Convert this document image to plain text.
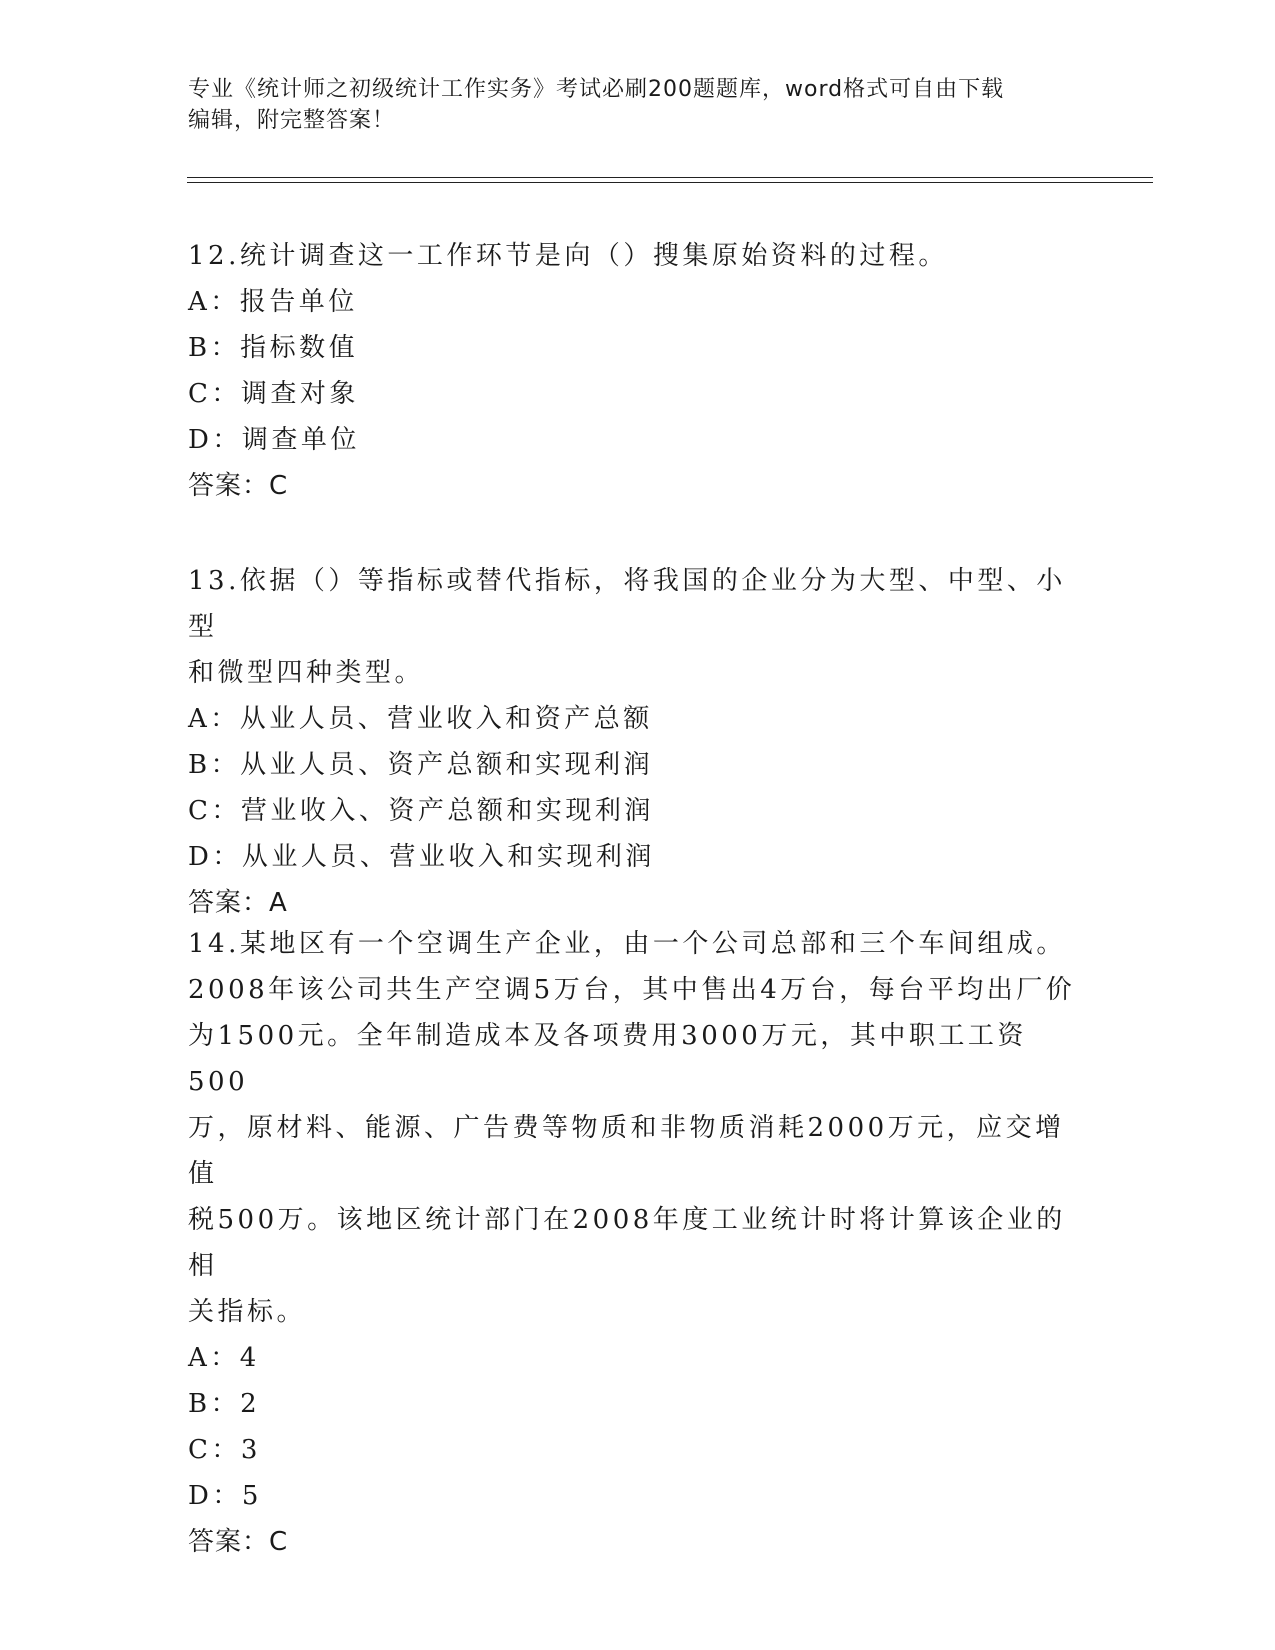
专业《统计师之初级统计工作实务》考试必刷200题题库，word格式可自由下载
编辑，附完整答案！

12.统计调查这一工作环节是向（）搜集原始资料的过程。

A：报告单位

B：指标数值

C：调查对象

D：调查单位

答案：C

13.依据（）等指标或替代指标，将我国的企业分为大型、中型、小型

和微型四种类型。

A：从业人员、营业收入和资产总额

B：从业人员、资产总额和实现利润

C：营业收入、资产总额和实现利润

D：从业人员、营业收入和实现利润

答案：A

14.某地区有一个空调生产企业，由一个公司总部和三个车间组成。

2008年该公司共生产空调5万台，其中售出4万台，每台平均出厂价

为1500元。全年制造成本及各项费用3000万元，其中职工工资500

万，原材料、能源、广告费等物质和非物质消耗2000万元，应交增值

税500万。该地区统计部门在2008年度工业统计时将计算该企业的相

关指标。

A：4

B：2

C：3

D：5

答案：C
